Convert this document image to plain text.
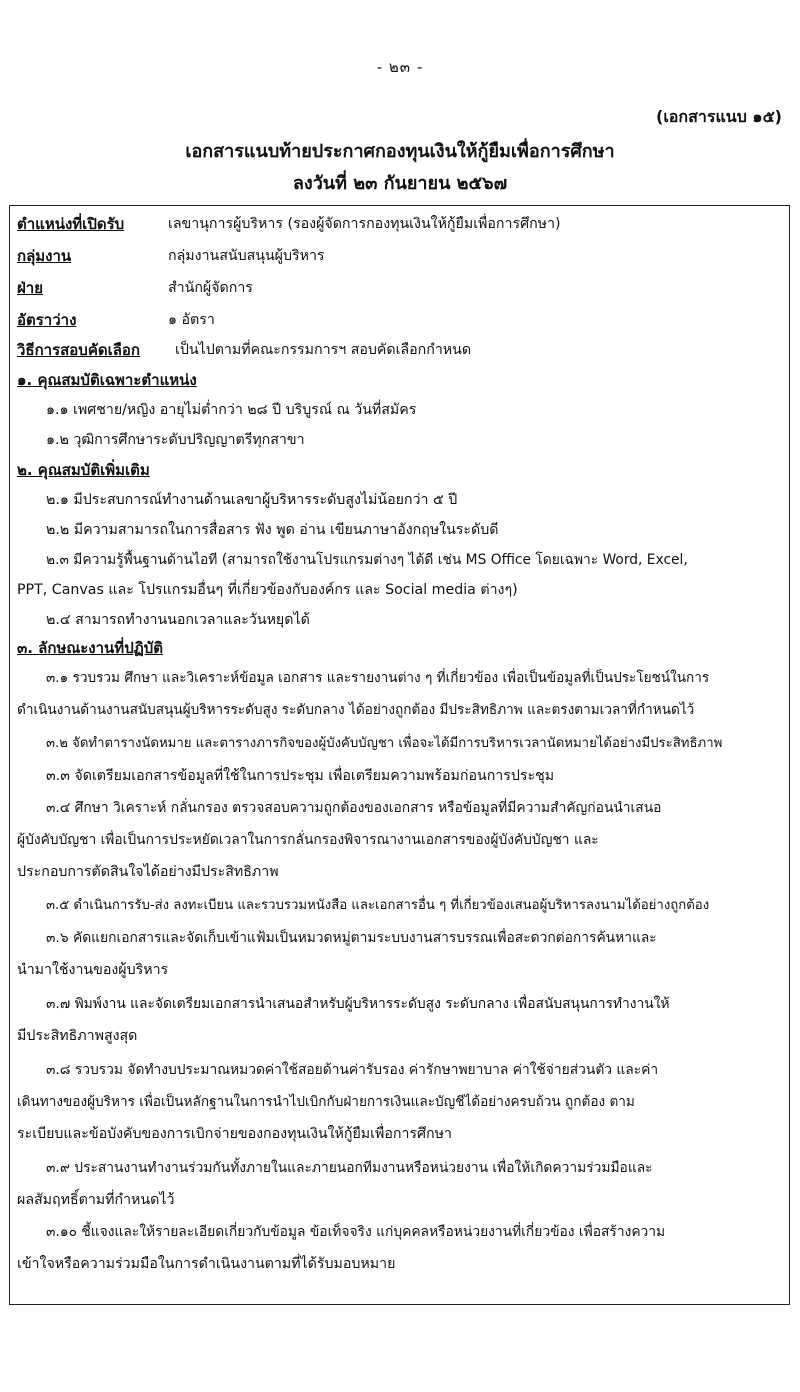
- ๒๓ -
(เอกสารแนบ ๑๕)
เอกสารแนบท้ายประกาศกองทุนเงินให้กู้ยืมเพื่อการศึกษา
ลงวันที่ ๒๓ กันยายน ๒๕๖๗
ตำแหน่งที่เปิดรับ	เลขานุการผู้บริหาร (รองผู้จัดการกองทุนเงินให้กู้ยืมเพื่อการศึกษา)
กลุ่มงาน	กลุ่มงานสนับสนุนผู้บริหาร
ฝ่าย	สำนักผู้จัดการ
อัตราว่าง	๑ อัตรา
วิธีการสอบคัดเลือก เป็นไปตามที่คณะกรรมการฯ สอบคัดเลือกกำหนด
๑. คุณสมบัติเฉพาะตำแหน่ง
๑.๑ เพศชาย/หญิง อายุไม่ต่ำกว่า ๒๘ ปี บริบูรณ์ ณ วันที่สมัคร
๑.๒ วุฒิการศึกษาระดับปริญญาตรีทุกสาขา
๒. คุณสมบัติเพิ่มเติม
๒.๑ มีประสบการณ์ทำงานด้านเลขาผู้บริหารระดับสูงไม่น้อยกว่า ๕ ปี
๒.๒ มีความสามารถในการสื่อสาร ฟัง พูด อ่าน เขียนภาษาอังกฤษในระดับดี
๒.๓ มีความรู้พื้นฐานด้านไอที (สามารถใช้งานโปรแกรมต่างๆ ได้ดี เช่น MS Office โดยเฉพาะ Word, Excel,
PPT, Canvas และ โปรแกรมอื่นๆ ที่เกี่ยวข้องกับองค์กร และ Social media ต่างๆ)
๒.๔ สามารถทำงานนอกเวลาและวันหยุดได้
๓. ลักษณะงานที่ปฏิบัติ
๓.๑ รวบรวม ศึกษา และวิเคราะห์ข้อมูล เอกสาร และรายงานต่าง ๆ ที่เกี่ยวข้อง เพื่อเป็นข้อมูลที่เป็นประโยชน์ในการ
ดำเนินงานด้านงานสนับสนุนผู้บริหารระดับสูง ระดับกลาง ได้อย่างถูกต้อง มีประสิทธิภาพ และตรงตามเวลาที่กำหนดไว้
๓.๒ จัดทำตารางนัดหมาย และตารางภารกิจของผู้บังคับบัญชา เพื่อจะได้มีการบริหารเวลานัดหมายได้อย่างมีประสิทธิภาพ
๓.๓ จัดเตรียมเอกสารข้อมูลที่ใช้ในการประชุม เพื่อเตรียมความพร้อมก่อนการประชุม
๓.๔ ศึกษา วิเคราะห์ กลั่นกรอง ตรวจสอบความถูกต้องของเอกสาร หรือข้อมูลที่มีความสำคัญก่อนนำเสนอ
ผู้บังคับบัญชา เพื่อเป็นการประหยัดเวลาในการกลั่นกรองพิจารณางานเอกสารของผู้บังคับบัญชา และ
ประกอบการตัดสินใจได้อย่างมีประสิทธิภาพ
๓.๕ ดำเนินการรับ-ส่ง ลงทะเบียน และรวบรวมหนังสือ และเอกสารอื่น ๆ ที่เกี่ยวข้องเสนอผู้บริหารลงนามได้อย่างถูกต้อง
๓.๖ คัดแยกเอกสารและจัดเก็บเข้าแฟ้มเป็นหมวดหมู่ตามระบบงานสารบรรณเพื่อสะดวกต่อการค้นหาและ
นำมาใช้งานของผู้บริหาร
๓.๗ พิมพ์งาน และจัดเตรียมเอกสารนำเสนอสำหรับผู้บริหารระดับสูง ระดับกลาง เพื่อสนับสนุนการทำงานให้
มีประสิทธิภาพสูงสุด
๓.๘ รวบรวม จัดทำงบประมาณหมวดค่าใช้สอยด้านค่ารับรอง ค่ารักษาพยาบาล ค่าใช้จ่ายส่วนตัว และค่า
เดินทางของผู้บริหาร เพื่อเป็นหลักฐานในการนำไปเบิกกับฝ่ายการเงินและบัญชีได้อย่างครบถ้วน ถูกต้อง ตาม
ระเบียบและข้อบังคับของการเบิกจ่ายของกองทุนเงินให้กู้ยืมเพื่อการศึกษา
๓.๙ ประสานงานทำงานร่วมกันทั้งภายในและภายนอกทีมงานหรือหน่วยงาน เพื่อให้เกิดความร่วมมือและ
ผลสัมฤทธิ์ตามที่กำหนดไว้
๓.๑๐ ชี้แจงและให้รายละเอียดเกี่ยวกับข้อมูล ข้อเท็จจริง แก่บุคคลหรือหน่วยงานที่เกี่ยวข้อง เพื่อสร้างความ
เข้าใจหรือความร่วมมือในการดำเนินงานตามที่ได้รับมอบหมาย
